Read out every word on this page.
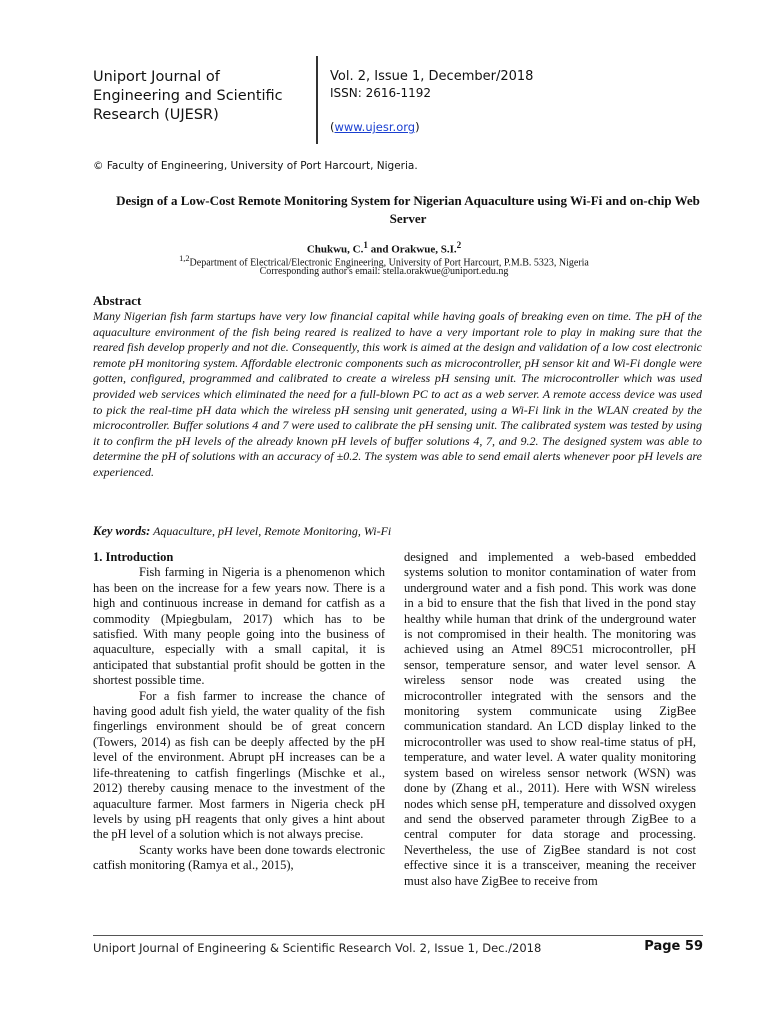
Uniport Journal of Engineering and Scientific Research (UJESR)
Vol. 2, Issue 1, December/2018
ISSN: 2616-1192
(www.ujesr.org)
© Faculty of Engineering, University of Port Harcourt, Nigeria.
Design of a Low-Cost Remote Monitoring System for Nigerian Aquaculture using Wi-Fi and on-chip Web Server
Chukwu, C.$^1$ and Orakwue, S.I.$^2$
$^{1,2}$Department of Electrical/Electronic Engineering, University of Port Harcourt, P.M.B. 5323, Nigeria
Corresponding author's email: stella.orakwue@uniport.edu.ng
Abstract
Many Nigerian fish farm startups have very low financial capital while having goals of breaking even on time. The pH of the aquaculture environment of the fish being reared is realized to have a very important role to play in making sure that the reared fish develop properly and not die. Consequently, this work is aimed at the design and validation of a low cost electronic remote pH monitoring system. Affordable electronic components such as microcontroller, pH sensor kit and Wi-Fi dongle were gotten, configured, programmed and calibrated to create a wireless pH sensing unit. The microcontroller which was used provided web services which eliminated the need for a full-blown PC to act as a web server. A remote access device was used to pick the real-time pH data which the wireless pH sensing unit generated, using a Wi-Fi link in the WLAN created by the microcontroller. Buffer solutions 4 and 7 were used to calibrate the pH sensing unit. The calibrated system was tested by using it to confirm the pH levels of the already known pH levels of buffer solutions 4, 7, and 9.2. The designed system was able to determine the pH of solutions with an accuracy of ±0.2. The system was able to send email alerts whenever poor pH levels are experienced.
Key words: Aquaculture, pH level, Remote Monitoring, Wi-Fi

1. Introduction

Fish farming in Nigeria is a phenomenon which has been on the increase for a few years now. There is a high and continuous increase in demand for catfish as a commodity (Mpiegbulam, 2017) which has to be satisfied. With many people going into the business of aquaculture, especially with a small capital, it is anticipated that substantial profit should be gotten in the shortest possible time.

For a fish farmer to increase the chance of having good adult fish yield, the water quality of the fish fingerlings environment should be of great concern (Towers, 2014) as fish can be deeply affected by the pH level of the environment. Abrupt pH increases can be a life-threatening to catfish fingerlings (Mischke et al., 2012) thereby causing menace to the investment of the aquaculture farmer. Most farmers in Nigeria check pH levels by using pH reagents that only gives a hint about the pH level of a solution which is not always precise.

Scanty works have been done towards electronic catfish monitoring (Ramya et al., 2015),

designed and implemented a web-based embedded systems solution to monitor contamination of water from underground water and a fish pond. This work was done in a bid to ensure that the fish that lived in the pond stay healthy while human that drink of the underground water is not compromised in their health. The monitoring was achieved using an Atmel 89C51 microcontroller, pH sensor, temperature sensor, and water level sensor. A wireless sensor node was created using the microcontroller integrated with the sensors and the monitoring system communicate using ZigBee communication standard. An LCD display linked to the microcontroller was used to show real-time status of pH, temperature, and water level. A water quality monitoring system based on wireless sensor network (WSN) was done by (Zhang et al., 2011). Here with WSN wireless nodes which sense pH, temperature and dissolved oxygen and send the observed parameter through ZigBee to a central computer for data storage and processing. Nevertheless, the use of ZigBee standard is not cost effective since it is a transceiver, meaning the receiver must also have ZigBee to receive from

Uniport Journal of Engineering & Scientific Research Vol. 2, Issue 1, Dec./2018	Page 59
